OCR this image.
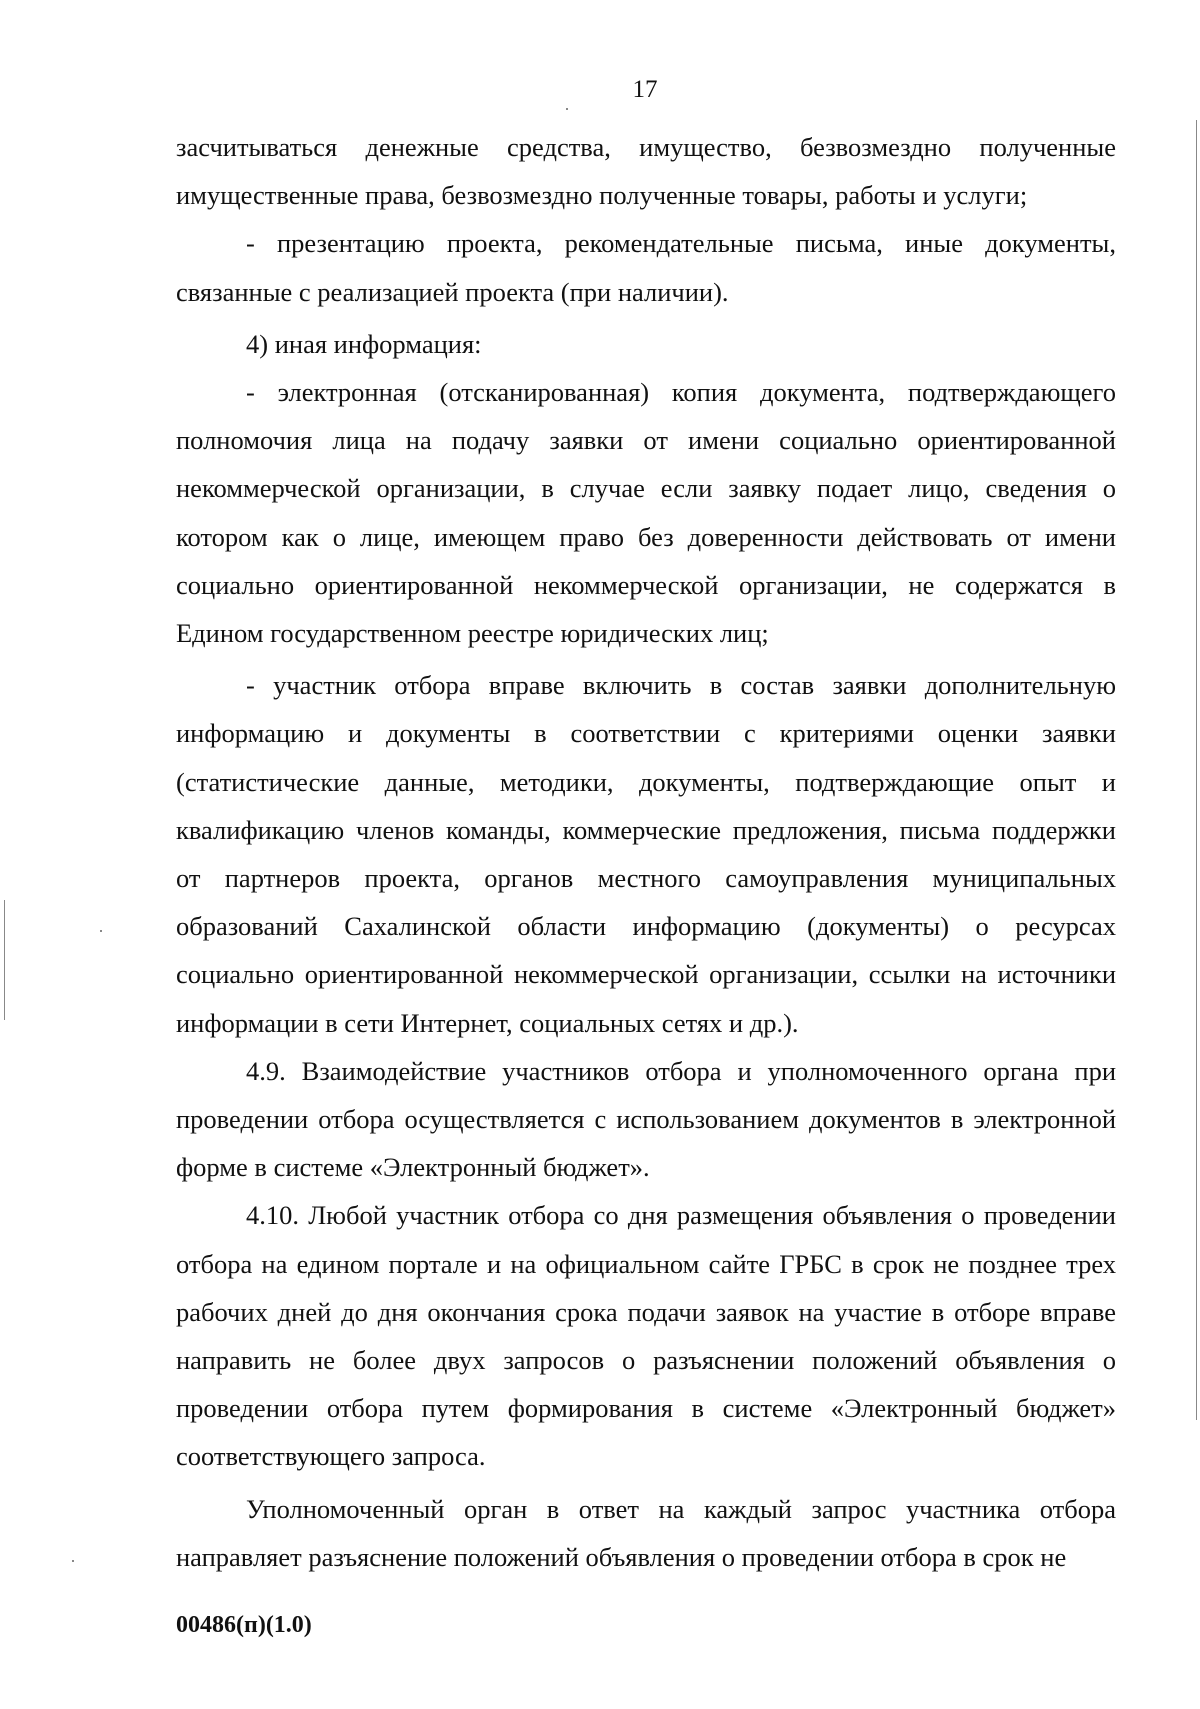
17

засчитываться денежные средства, имущество, безвозмездно полученные имущественные права, безвозмездно полученные товары, работы и услуги;

- презентацию проекта, рекомендательные письма, иные документы, связанные с реализацией проекта (при наличии).

4) иная информация:

- электронная (отсканированная) копия документа, подтверждающего полномочия лица на подачу заявки от имени социально ориентированной некоммерческой организации, в случае если заявку подает лицо, сведения о котором как о лице, имеющем право без доверенности действовать от имени социально ориентированной некоммерческой организации, не содержатся в Едином государственном реестре юридических лиц;

- участник отбора вправе включить в состав заявки дополнительную информацию и документы в соответствии с критериями оценки заявки (статистические данные, методики, документы, подтверждающие опыт и квалификацию членов команды, коммерческие предложения, письма поддержки от партнеров проекта, органов местного самоуправления муниципальных образований Сахалинской области информацию (документы) о ресурсах социально ориентированной некоммерческой организации, ссылки на источники информации в сети Интернет, социальных сетях и др.).

4.9. Взаимодействие участников отбора и уполномоченного органа при проведении отбора осуществляется с использованием документов в электронной форме в системе «Электронный бюджет».

4.10. Любой участник отбора со дня размещения объявления о проведении отбора на едином портале и на официальном сайте ГРБС в срок не позднее трех рабочих дней до дня окончания срока подачи заявок на участие в отборе вправе направить не более двух запросов о разъяснении положений объявления о проведении отбора путем формирования в системе «Электронный бюджет» соответствующего запроса.

Уполномоченный орган в ответ на каждый запрос участника отбора направляет разъяснение положений объявления о проведении отбора в срок не

00486(п)(1.0)
